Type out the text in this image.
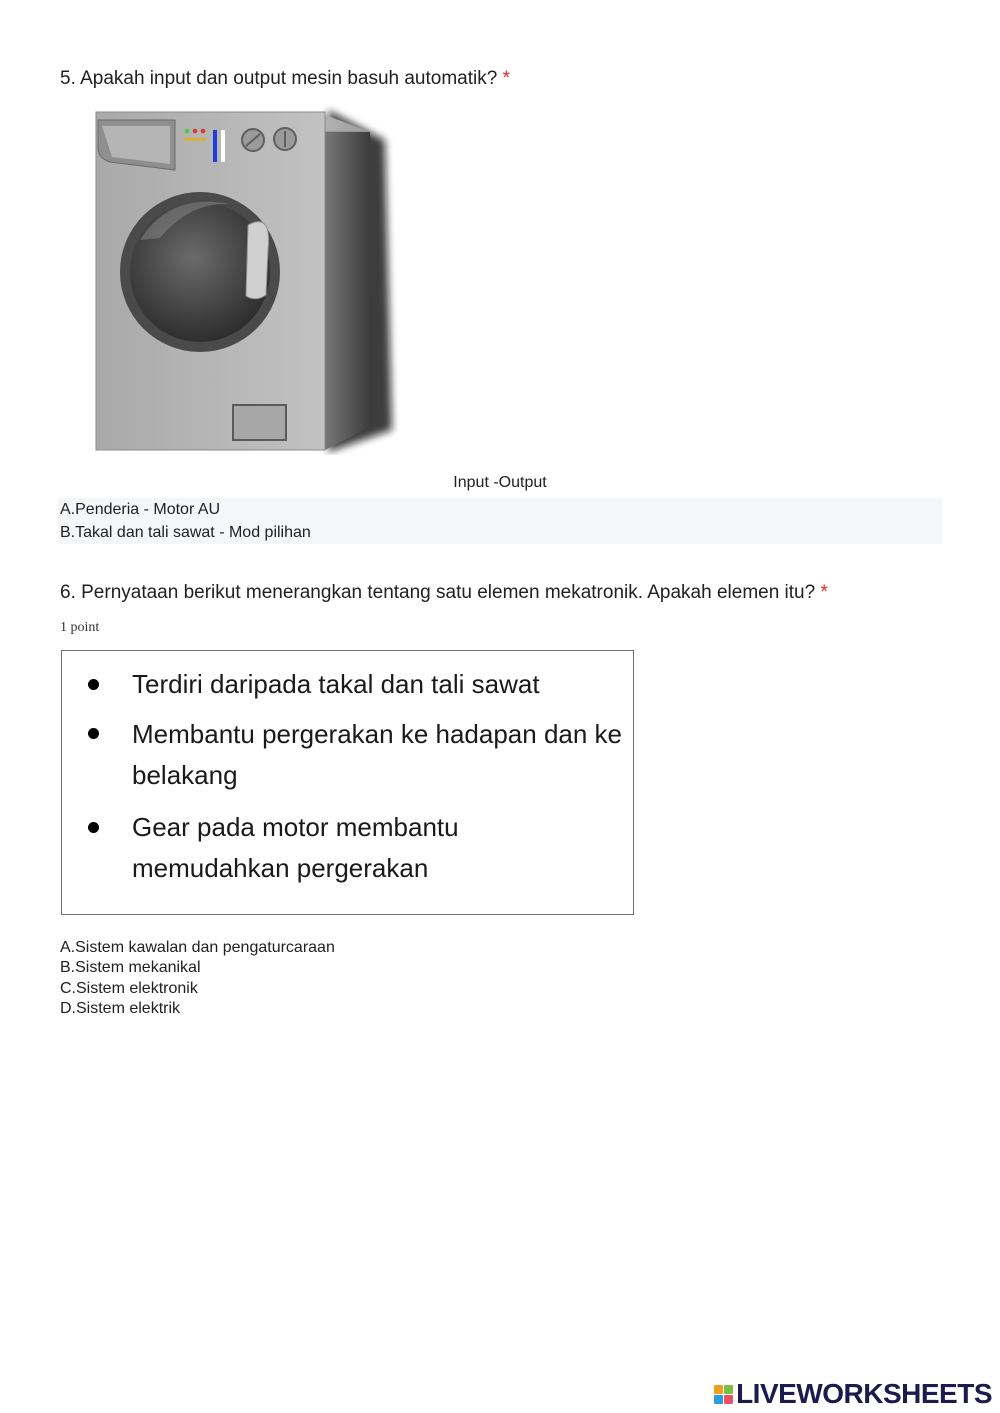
5. Apakah input dan output mesin basuh automatik? *
Input -Output
A.Penderia - Motor AU
B.Takal dan tali sawat - Mod pilihan
6. Pernyataan berikut menerangkan tentang satu elemen mekatronik. Apakah elemen itu? *
1 point
Terdiri daripada takal dan tali sawat
Membantu pergerakan ke hadapan dan ke belakang
Gear pada motor membantu memudahkan pergerakan
A.Sistem kawalan dan pengaturcaraan
B.Sistem mekanikal
C.Sistem elektronik
D.Sistem elektrik
LIVEWORKSHEETS
